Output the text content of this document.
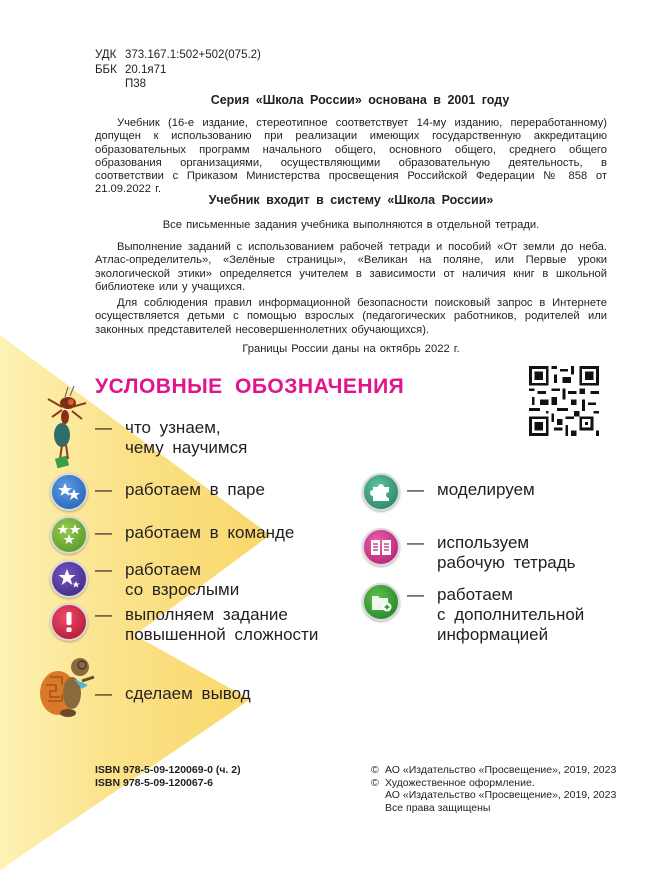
УДК 373.167.1:502+502(075.2)
ББК 20.1я71
П38
Серия «Школа России» основана в 2001 году
Учебник (16-е издание, стереотипное соответствует 14-му изданию, переработанному) допущен к использованию при реализации имеющих государственную аккредитацию образовательных программ начального общего, основного общего, среднего общего образования организациями, осуществляющими образовательную деятельность, в соответствии с Приказом Министерства просвещения Российской Федерации № 858 от 21.09.2022 г.
Учебник входит в систему «Школа России»
Все письменные задания учебника выполняются в отдельной тетради.
Выполнение заданий с использованием рабочей тетради и пособий «От земли до неба. Атлас-определитель», «Зелёные страницы», «Великан на поляне, или Первые уроки экологической этики» определяется учителем в зависимости от наличия книг в школьной библиотеке или у учащихся.
Для соблюдения правил информационной безопасности поисковый запрос в Интернете осуществляется детьми с помощью взрослых (педагогических работников, родителей или законных представителей несовершеннолетних обучающихся).
Границы России даны на октябрь 2022 г.
УСЛОВНЫЕ ОБОЗНАЧЕНИЯ
— что узнаем,
чему научимся
— работаем в паре
— работаем в команде
— работаем
со взрослыми
— выполняем задание
повышенной сложности
— сделаем вывод
— моделируем
— используем
рабочую тетрадь
— работаем
с дополнительной
информацией
ISBN 978-5-09-120069-0 (ч. 2)
ISBN 978-5-09-120067-6
© АО «Издательство «Просвещение», 2019, 2023
© Художественное оформление.
АО «Издательство «Просвещение», 2019, 2023
Все права защищены
